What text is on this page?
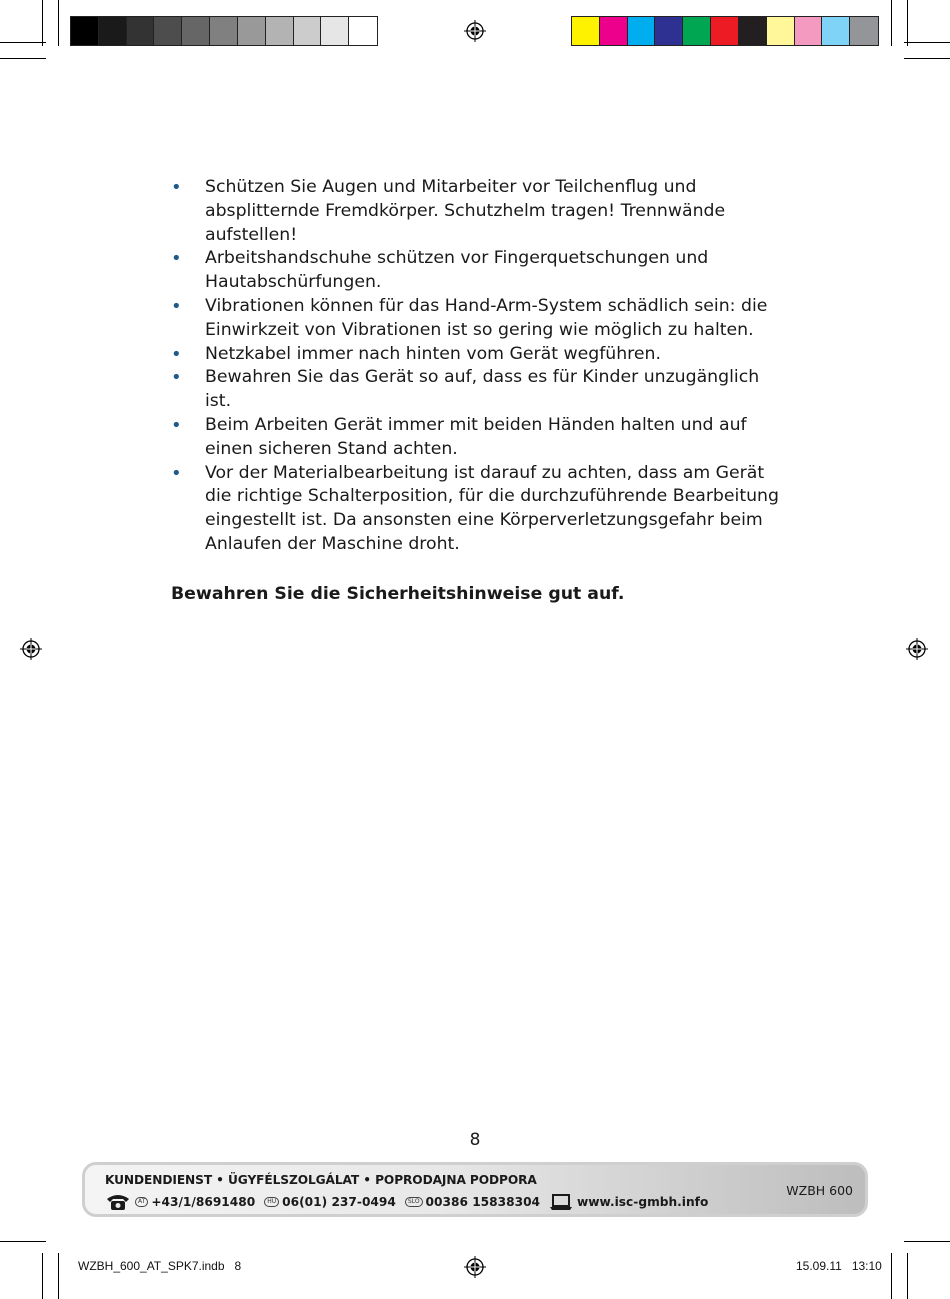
• Schützen Sie Augen und Mitarbeiter vor Teilchenflug und absplitternde Fremdkörper. Schutzhelm tragen! Trennwände aufstellen!
• Arbeitshandschuhe schützen vor Fingerquetschungen und Hautabschürfungen.
• Vibrationen können für das Hand-Arm-System schädlich sein: die Einwirkzeit von Vibrationen ist so gering wie möglich zu halten.
• Netzkabel immer nach hinten vom Gerät wegführen.
• Bewahren Sie das Gerät so auf, dass es für Kinder unzugänglich ist.
• Beim Arbeiten Gerät immer mit beiden Händen halten und auf einen sicheren Stand achten.
• Vor der Materialbearbeitung ist darauf zu achten, dass am Gerät die richtige Schalterposition, für die durchzuführende Bearbeitung eingestellt ist. Da ansonsten eine Körperverletzungsgefahr beim Anlaufen der Maschine droht.
Bewahren Sie die Sicherheitshinweise gut auf.
8
KUNDENDIENST • ÜGYFÉLSZOLGÁLAT • POPRODAJNA PODPORA
AT +43/1/8691480	HU 06(01) 237-0494	SLO 00386 15838304	www.isc-gmbh.info
WZBH 600
WZBH_600_AT_SPK7.indb   8	15.09.11   13:10
